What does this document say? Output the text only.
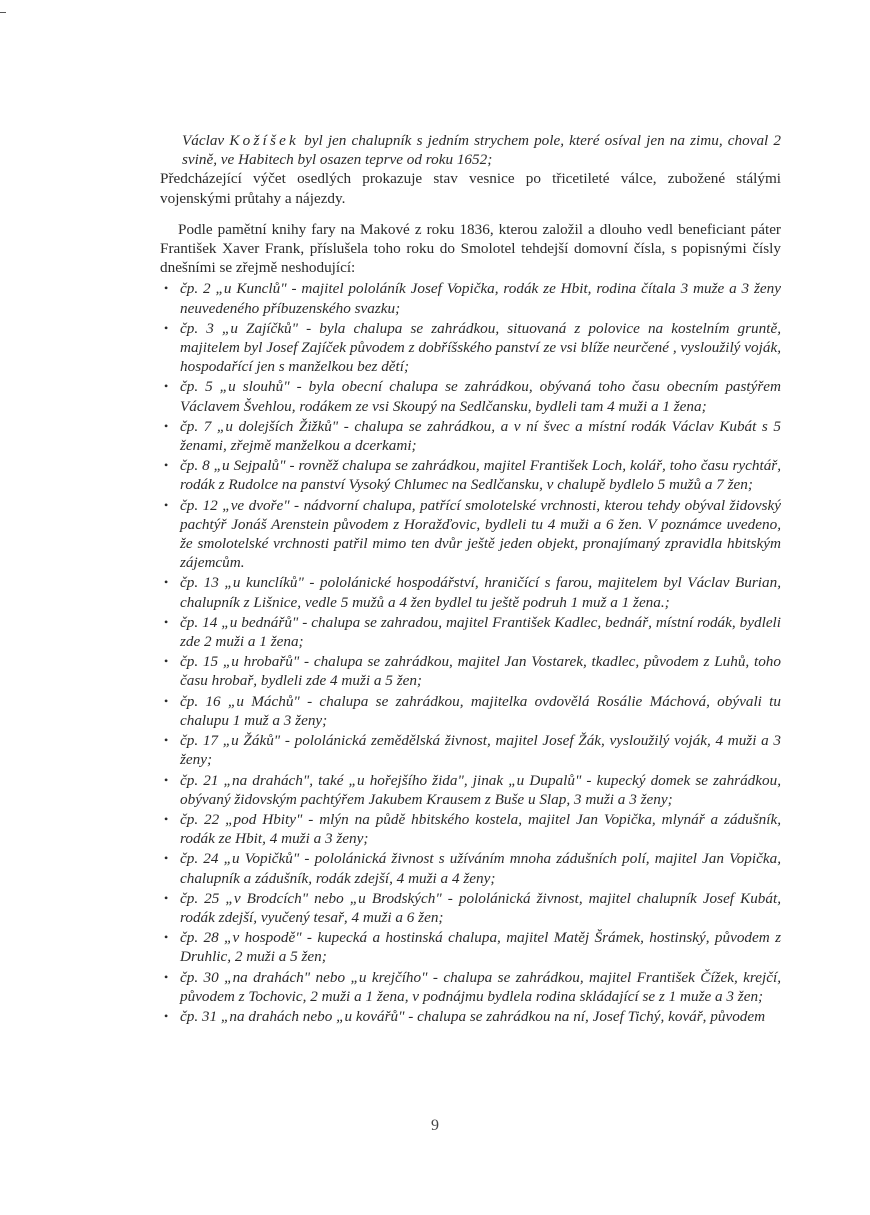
Václav Kožíšek byl jen chalupník s jedním strychem pole, které osíval jen na zimu, choval 2 svině, ve Habitech byl osazen teprve od roku 1652;

Předcházející výčet osedlých prokazuje stav vesnice po třicetileté válce, zubožené stálými vojenskými průtahy a nájezdy.

Podle pamětní knihy fary na Makové z roku 1836, kterou založil a dlouho vedl beneficiant páter František Xaver Frank, příslušela toho roku do Smolotel tehdejší domovní čísla, s popisnými čísly dnešními se zřejmě neshodující:

• čp. 2 „u Kunclů" - majitel pololáník Josef Vopička, rodák ze Hbit, rodina čítala 3 muže a 3 ženy neuvedeného příbuzenského svazku;
• čp. 3 „u Zajíčků" - byla chalupa se zahrádkou, situovaná z polovice na kostelním gruntě, majitelem byl Josef Zajíček původem z dobříšského panství ze vsi blíže neurčené , vysloužilý voják, hospodařící jen s manželkou bez dětí;
• čp. 5 „u slouhů" - byla obecní chalupa se zahrádkou, obývaná toho času obecním pastýřem Václavem Švehlou, rodákem ze vsi Skoupý na Sedlčansku, bydleli tam 4 muži a 1 žena;
• čp. 7 „u dolejších Žižků" - chalupa se zahrádkou, a v ní švec a místní rodák Václav Kubát s 5 ženami, zřejmě manželkou a dcerkami;
• čp. 8 „u Sejpalů" - rovněž chalupa se zahrádkou, majitel František Loch, kolář, toho času rychtář, rodák z Rudolce na panství Vysoký Chlumec na Sedlčansku, v chalupě bydlelo 5 mužů a 7 žen;
• čp. 12 „ve dvoře" - nádvorní chalupa, patřící smolotelské vrchnosti, kterou tehdy obýval židovský pachtýř Jonáš Arenstein původem z Horažďovic, bydleli tu 4 muži a 6 žen. V poznámce uvedeno, že smolotelské vrchnosti patřil mimo ten dvůr ještě jeden objekt, pronajímaný zpravidla hbitským zájemcům.
• čp. 13 „u kunclíků" - pololánické hospodářství, hraničící s farou, majitelem byl Václav Burian, chalupník z Lišnice, vedle 5 mužů a 4 žen bydlel tu ještě podruh 1 muž a 1 žena.;
• čp. 14 „u bednářů" - chalupa se zahradou, majitel František Kadlec, bednář, místní rodák, bydleli zde 2 muži a 1 žena;
• čp. 15 „u hrobařů" - chalupa se zahrádkou, majitel Jan Vostarek, tkadlec, původem z Luhů, toho času hrobař, bydleli zde 4 muži a 5 žen;
• čp. 16 „u Máchů" - chalupa se zahrádkou, majitelka ovdovělá Rosálie Máchová, obývali tu chalupu 1 muž a 3 ženy;
• čp. 17 „u Žáků" - pololánická zemědělská živnost, majitel Josef Žák, vysloužilý voják, 4 muži a 3 ženy;
• čp. 21 „na drahách", také „u hořejšího žida", jinak „u Dupalů" - kupecký domek se zahrádkou, obývaný židovským pachtýřem Jakubem Krausem z Buše u Slap, 3 muži a 3 ženy;
• čp. 22 „pod Hbity" - mlýn na půdě hbitského kostela, majitel Jan Vopička, mlynář a zádušník, rodák ze Hbit, 4 muži a 3 ženy;
• čp. 24 „u Vopičků" - pololánická živnost s užíváním mnoha zádušních polí, majitel Jan Vopička, chalupník a zádušník, rodák zdejší, 4 muži a 4 ženy;
• čp. 25 „v Brodcích" nebo „u Brodských" - pololánická živnost, majitel chalupník Josef Kubát, rodák zdejší, vyučený tesař, 4 muži a 6 žen;
• čp. 28 „v hospodě" - kupecká a hostinská chalupa, majitel Matěj Šrámek, hostinský, původem z Druhlic, 2 muži a 5 žen;
• čp. 30 „na drahách" nebo „u krejčího" - chalupa se zahrádkou, majitel František Čížek, krejčí, původem z Tochovic, 2 muži a 1 žena, v podnájmu bydlela rodina skládající se z 1 muže a 3 žen;
• čp. 31 „na drahách nebo „u kovářů" - chalupa se zahrádkou na ní, Josef Tichý, kovář, původem
9
